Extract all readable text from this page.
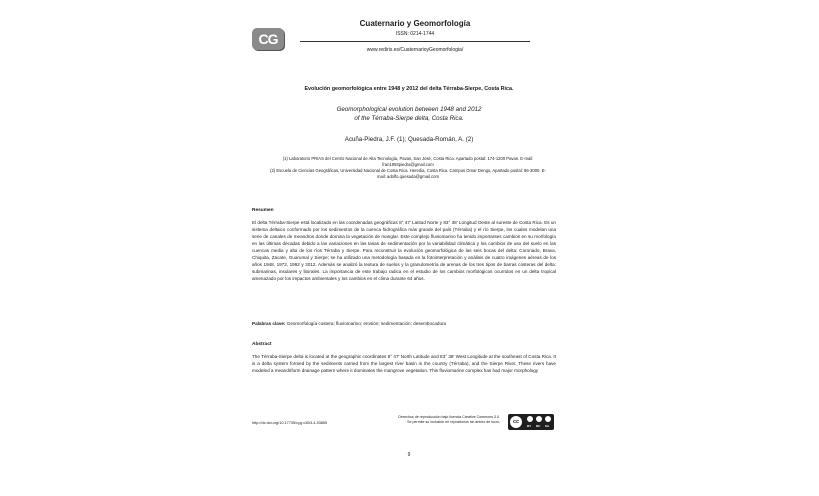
CG
Cuaternario y Geomorfología
ISSN: 0214-1744
www.rediris.es/CuaternarioyGeomorfologia/
Evolución geomorfológica entre 1948 y 2012 del delta Térraba-Sierpe, Costa Rica.
Geomorphological evolution between 1948 and 2012
of the Térraba-Sierpe delta, Costa Rica.
Acuña-Piedra, J.F. (1); Quesada-Román, A. (2)

(1) Laboratorio PRIAS del Centro Nacional de Alta Tecnología, Pavas, San José, Costa Rica. Apartado postal: 174-1200 Pavas. E-mail: fran1993piedra@gmail.com

(2) Escuela de Ciencias Geográficas, Universidad Nacional de Costa Rica. Heredia, Costa Rica. Campus Omar Dengo, Apartado postal: 86-3000. E-mail: adolfo.quesada@gmail.com

Resumen

El delta Térraba-Sierpe está localizado en las coordenadas geográficas 8° 47' Latitud Norte y 83° 38' Longitud Oeste al sureste de Costa Rica. Es un sistema deltaico conformado por los sedimentos de la cuenca hidrográfica más grande del país (Térraba) y el río Sierpe, los cuales modelan una serie de canales de meandros donde domina la vegetación de manglar. Este complejo fluviomarino ha tenido importantes cambios en su morfología en las últimas décadas debido a las variaciones en las tasas de sedimentación por la variabilidad climática y los cambios de uso del suelo en las cuencas media y alta de los ríos Térraba y Sierpe. Para reconstruir la evolución geomorfológica de las seis bocas del delta: Coronado, Brava, Chiquita, Zacate, Guarumal y Sierpe; se ha utilizado una metodología basada en la fotointerpretación y análisis de cuatro imágenes aéreas de los años 1948, 1972, 1992 y 2012. Además se analizó la textura de suelos y la granulometría de arenas de los tres tipos de barras costeras del delta: submarinas, insulares y litorales. La importancia de este trabajo radica en el estudio de los cambios morfológicos ocurridos en un delta tropical amenazado por los impactos ambientales y los cambios en el clima durante 64 años.

Palabras clave: Geomorfología costera; fluviomarino; erosión; sedimentación; desembocadura
Abstract

The Térraba-Sierpe delta is located at the geographic coordinates 8° 47' North Latitude and 83° 38' West Longitude at the southeast of Costa Rica. It is a delta system formed by the sediments carried from the largest river basin in the country (Térraba), and the Sierpe River. These rivers have modeled a meandriform drainage pattern where it dominates the mangrove vegetation. This fluviomarine complex has had major morphology

http://dx.doi.org/10.17735/cyg.v30i3-4.53855
Derechos de reproducción bajo licencia Creative Commons 3.0.
Se permite su inclusión en repositorios sin ánimo de lucro.	cc
BY NC SA
9
